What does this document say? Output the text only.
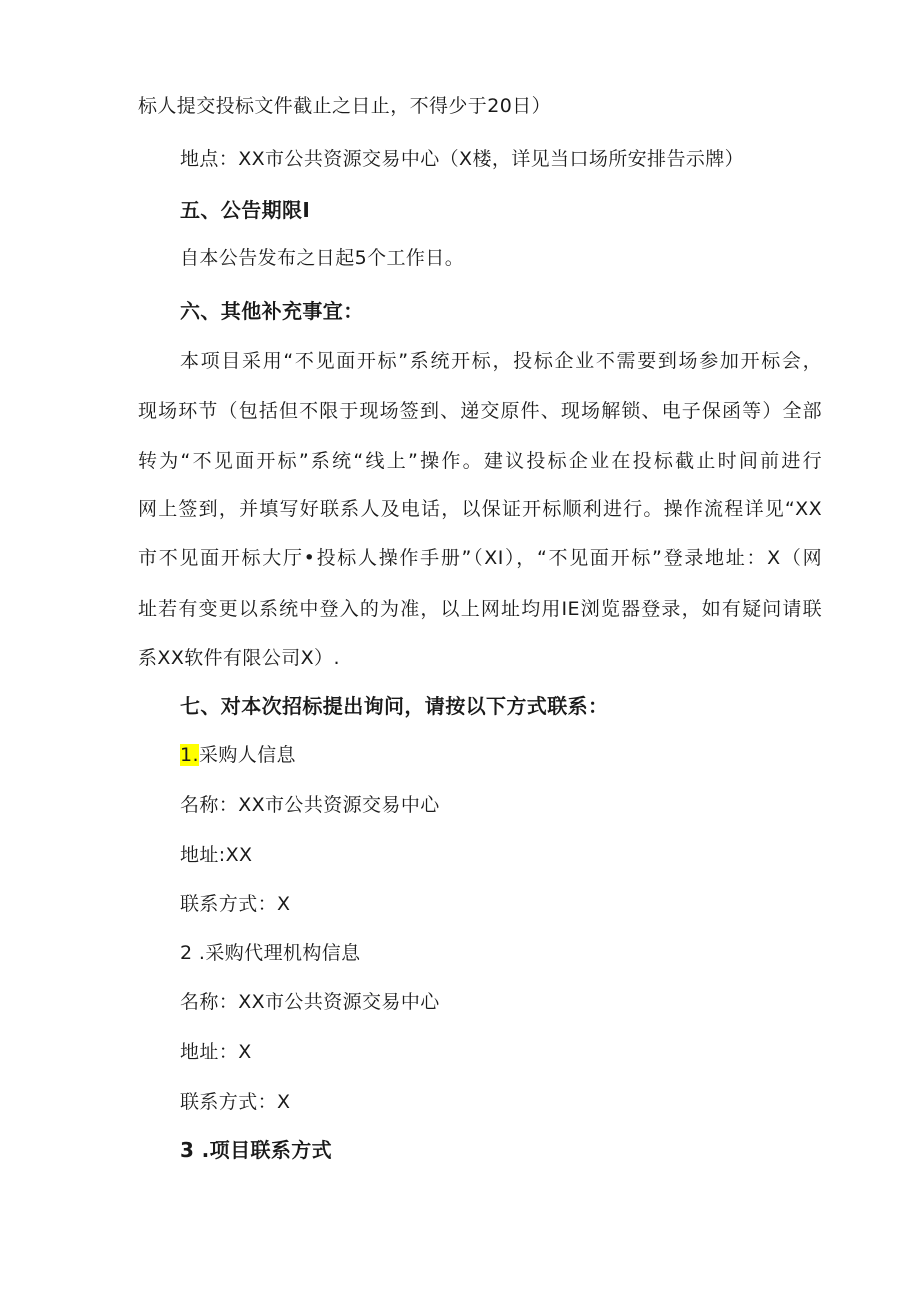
标人提交投标文件截止之日止，不得少于20日）
地点：XX市公共资源交易中心（X楼，详见当口场所安排告示牌）
五、公告期限I
自本公告发布之日起5个工作日。
六、其他补充事宜：
本项目采用“不见面开标”系统开标，投标企业不需要到场参加开标会，
现场环节（包括但不限于现场签到、递交原件、现场解锁、电子保函等）全部
转为“不见面开标”系统“线上”操作。建议投标企业在投标截止时间前进行
网上签到，并填写好联系人及电话，以保证开标顺利进行。操作流程详见“XX
市不见面开标大厅•投标人操作手册”（XI），“不见面开标”登录地址：X（网
址若有变更以系统中登入的为准，以上网址均用IE浏览器登录，如有疑问请联
系XX软件有限公司X）.
七、对本次招标提出询问，请按以下方式联系：
1.采购人信息
名称：XX市公共资源交易中心
地址:XX
联系方式：X
2 .采购代理机构信息
名称：XX市公共资源交易中心
地址：X
联系方式：X
3 .项目联系方式
